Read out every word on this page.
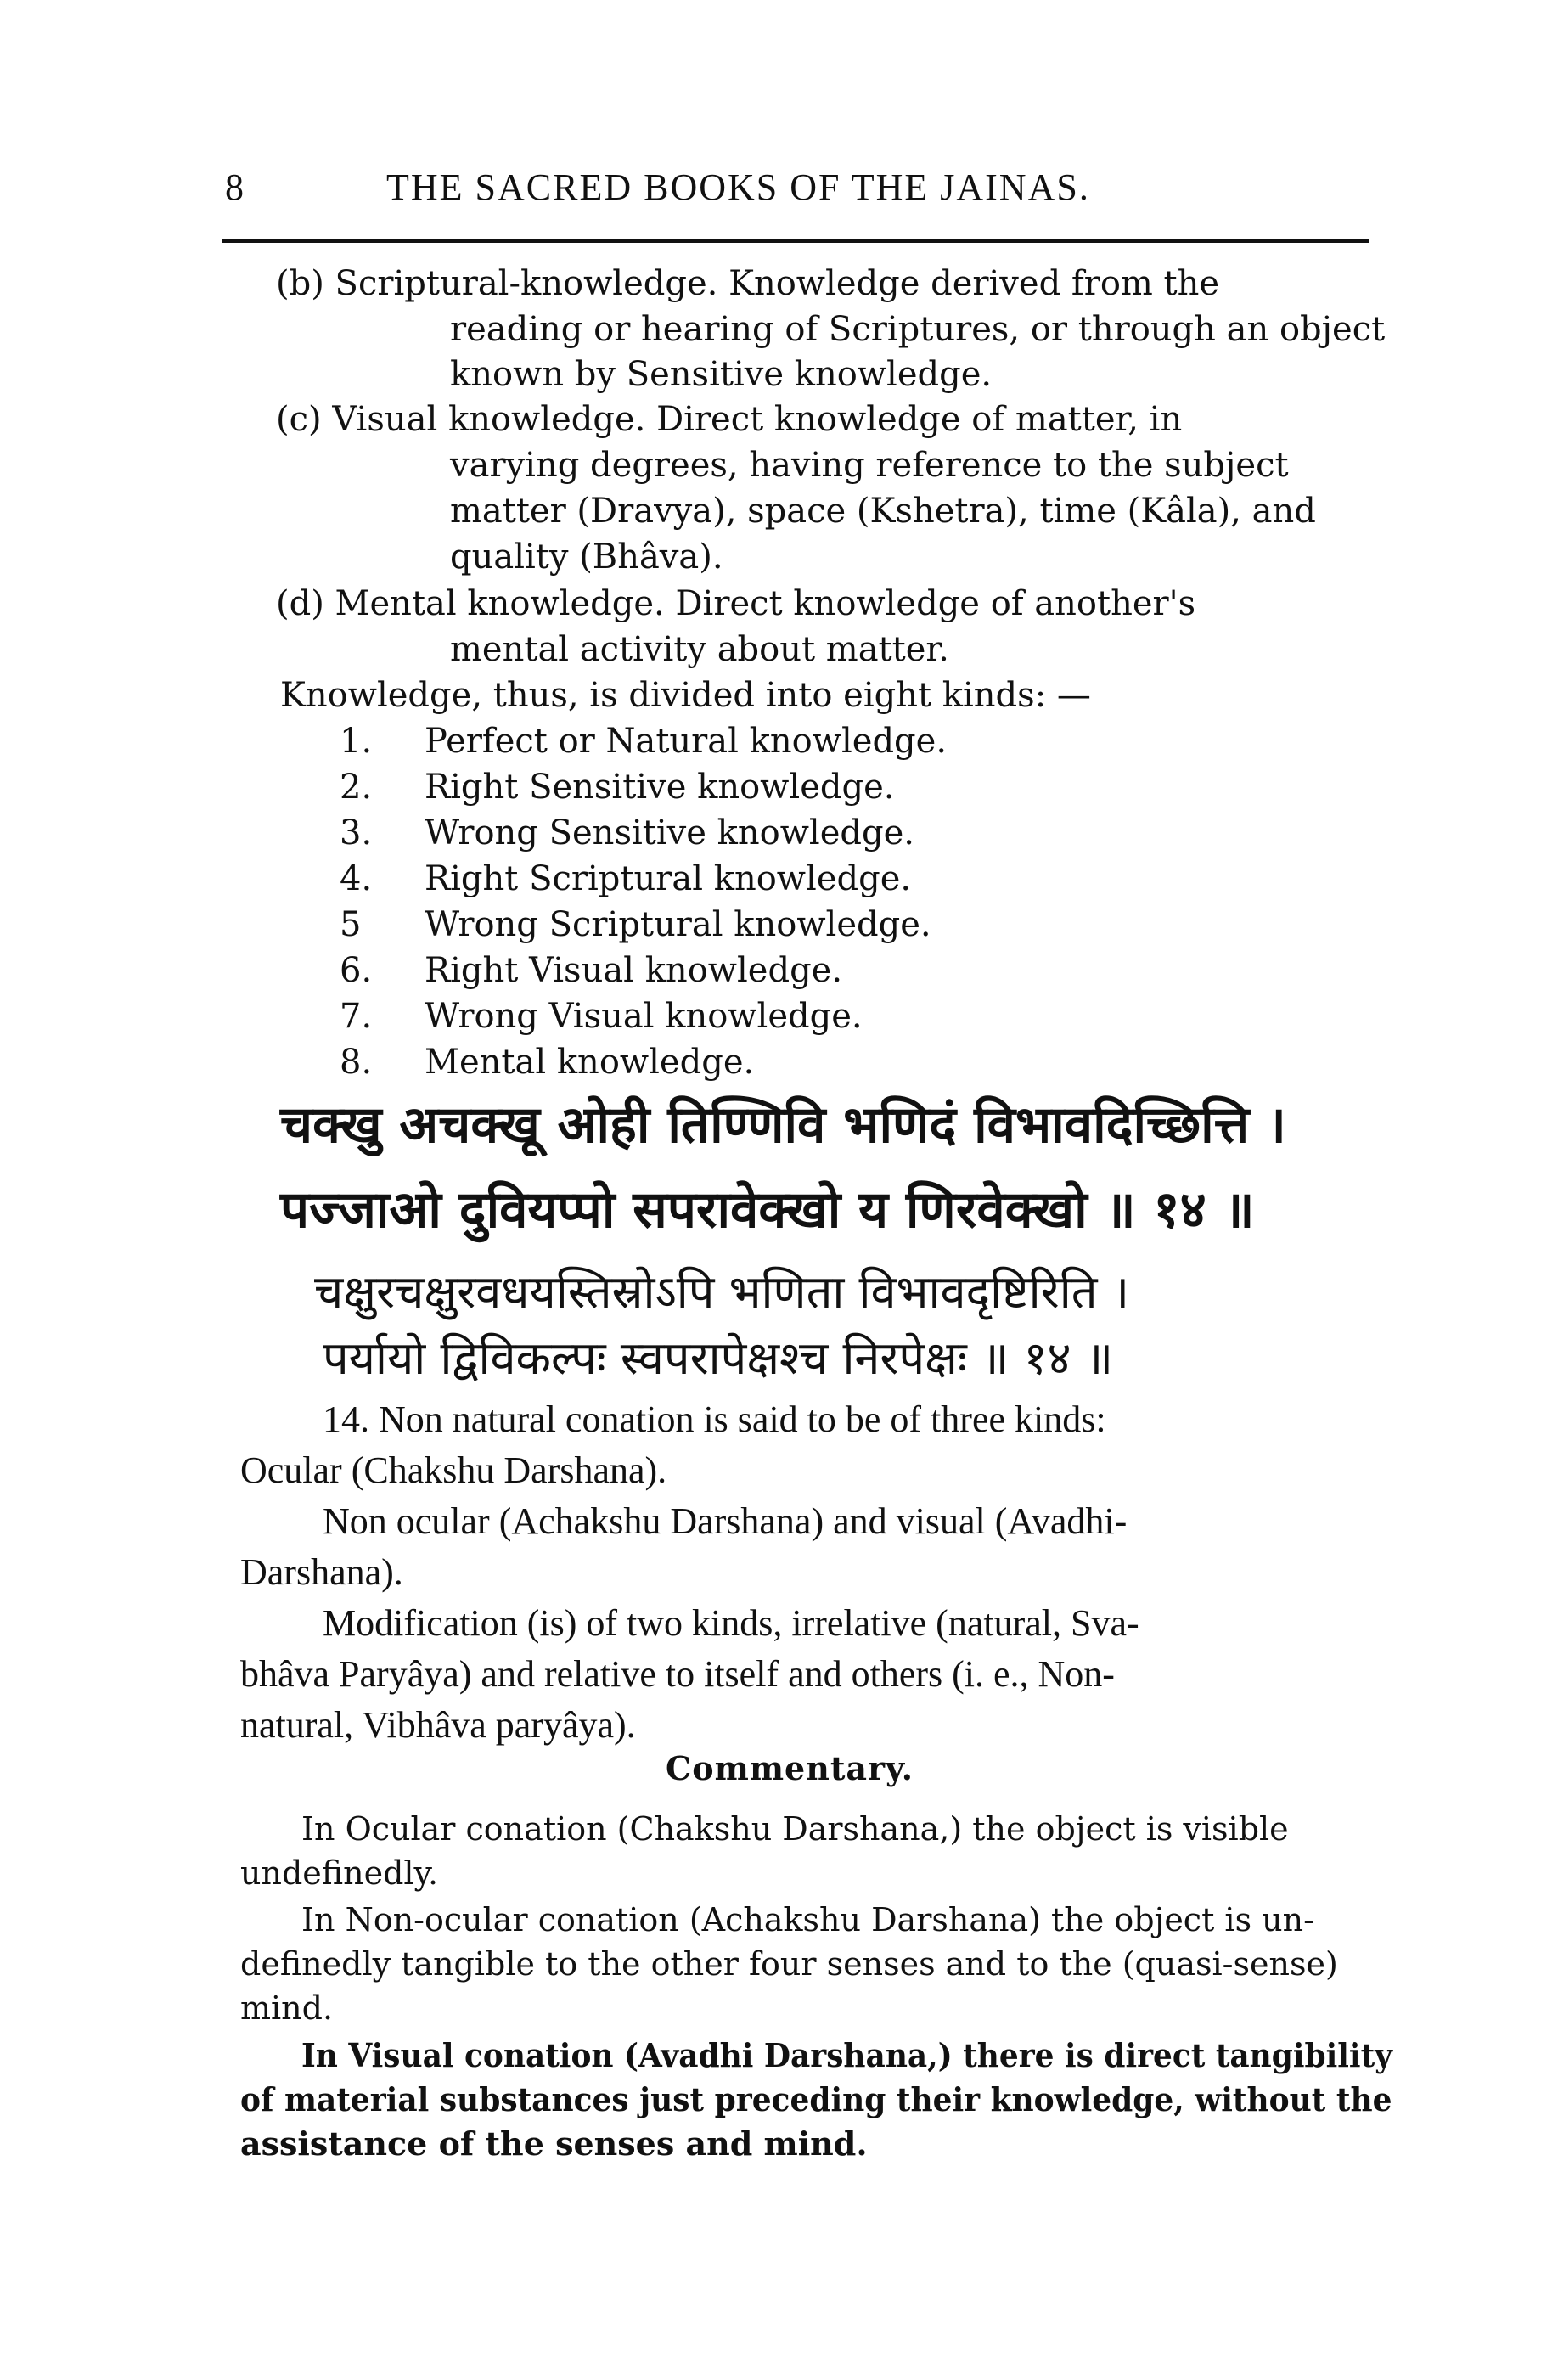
8	THE SACRED BOOKS OF THE JAINAS.
(b) Scriptural-knowledge. Knowledge derived from the
reading or hearing of Scriptures, or through an object
known by Sensitive knowledge.
(c) Visual knowledge. Direct knowledge of matter, in
varying degrees, having reference to the subject
matter (Dravya), space (Kshetra), time (Kâla), and
quality (Bhâva).
(d) Mental knowledge. Direct knowledge of another's
mental activity about matter.
Knowledge, thus, is divided into eight kinds: —
1. Perfect or Natural knowledge.
2. Right Sensitive knowledge.
3. Wrong Sensitive knowledge.
4. Right Scriptural knowledge.
5 Wrong Scriptural knowledge.
6. Right Visual knowledge.
7. Wrong Visual knowledge.
8. Mental knowledge.
चक्खु अचक्खू ओही तिण्णिवि भणिदं विभावदिच्छित्ति ।
पज्जाओ दुवियप्पो सपरावेक्खो य णिरवेक्खो ॥ १४ ॥
चक्षुरचक्षुरवधयस्तिस्रोऽपि भणिता विभावदृष्टिरिति ।
पर्यायो द्विविकल्पः स्वपरापेक्षश्च निरपेक्षः ॥ १४ ॥
14. Non natural conation is said to be of three kinds:
Ocular (Chakshu Darshana).
Non ocular (Achakshu Darshana) and visual (Avadhi-
Darshana).
Modification (is) of two kinds, irrelative (natural, Sva-
bhâva Paryâya) and relative to itself and others (i. e., Non-
natural, Vibhâva paryâya).
Commentary.
In Ocular conation (Chakshu Darshana,) the object is visible
undefinedly.
In Non-ocular conation (Achakshu Darshana) the object is un-
definedly tangible to the other four senses and to the (quasi-sense)
mind.
In Visual conation (Avadhi Darshana,) there is direct tangibility
of material substances just preceding their knowledge, without the
assistance of the senses and mind.
